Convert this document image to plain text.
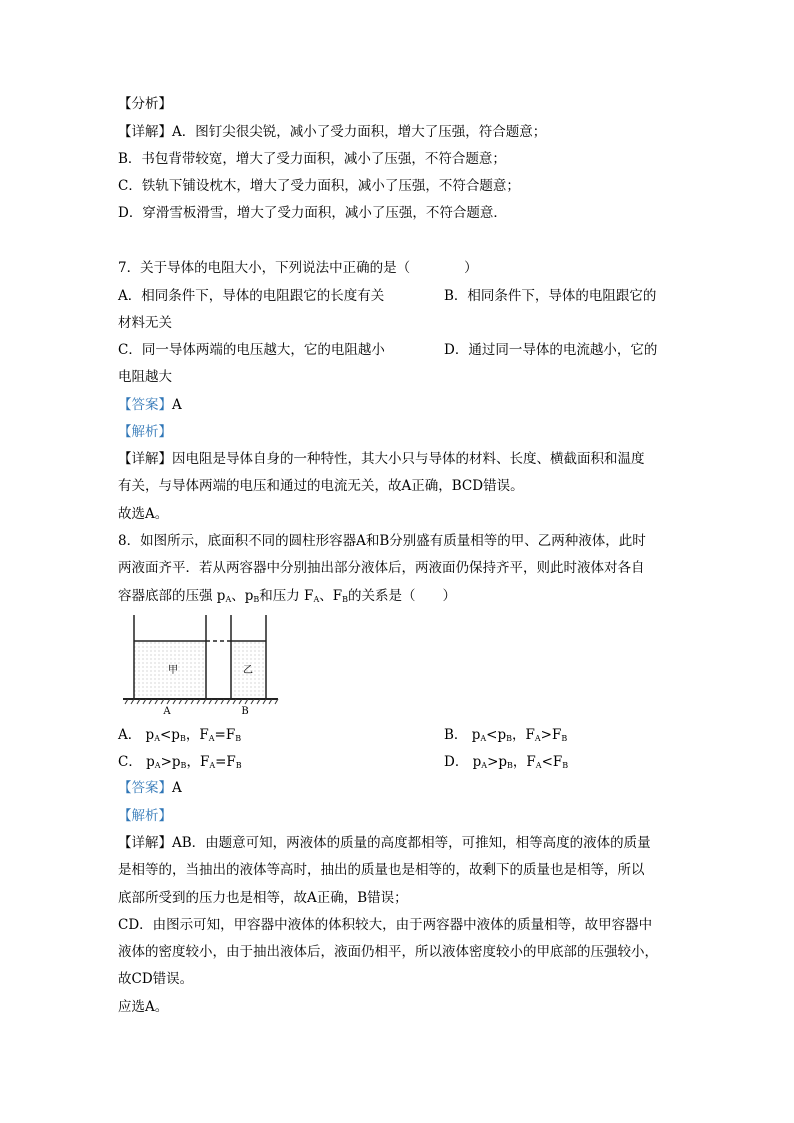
【分析】
【详解】A．图钉尖很尖锐，减小了受力面积，增大了压强，符合题意；
B．书包背带较宽，增大了受力面积，减小了压强，不符合题意；
C．铁轨下铺设枕木，增大了受力面积，减小了压强，不符合题意；
D．穿滑雪板滑雪，增大了受力面积，减小了压强，不符合题意．
7．关于导体的电阻大小，下列说法中正确的是（　　　　）
A．相同条件下，导体的电阻跟它的长度有关	B．相同条件下，导体的电阻跟它的
材料无关
C．同一导体两端的电压越大，它的电阻越小	D．通过同一导体的电流越小，它的
电阻越大
【答案】A
【解析】
【详解】因电阻是导体自身的一种特性，其大小只与导体的材料、长度、横截面积和温度
有关，与导体两端的电压和通过的电流无关，故A正确，BCD错误。
故选A。
8．如图所示，底面积不同的圆柱形容器A和B分别盛有质量相等的甲、乙两种液体，此时
两液面齐平．若从两容器中分别抽出部分液体后，两液面仍保持齐平，则此时液体对各自
容器底部的压强 $p_A$、$p_B$和压力 $F_A$、$F_B$的关系是（　　）
甲	乙
A	B
A． $p_A<p_B$，$F_A=F_B$	B． $p_A<p_B$，$F_A>F_B$
C． $p_A>p_B$，$F_A=F_B$	D． $p_A>p_B$，$F_A<F_B$
【答案】A
【解析】
【详解】AB．由题意可知，两液体的质量的高度都相等，可推知，相等高度的液体的质量
是相等的，当抽出的液体等高时，抽出的质量也是相等的，故剩下的质量也是相等，所以
底部所受到的压力也是相等，故A正确，B错误；
CD．由图示可知，甲容器中液体的体积较大，由于两容器中液体的质量相等，故甲容器中
液体的密度较小，由于抽出液体后，液面仍相平，所以液体密度较小的甲底部的压强较小，
故CD错误。
应选A。
